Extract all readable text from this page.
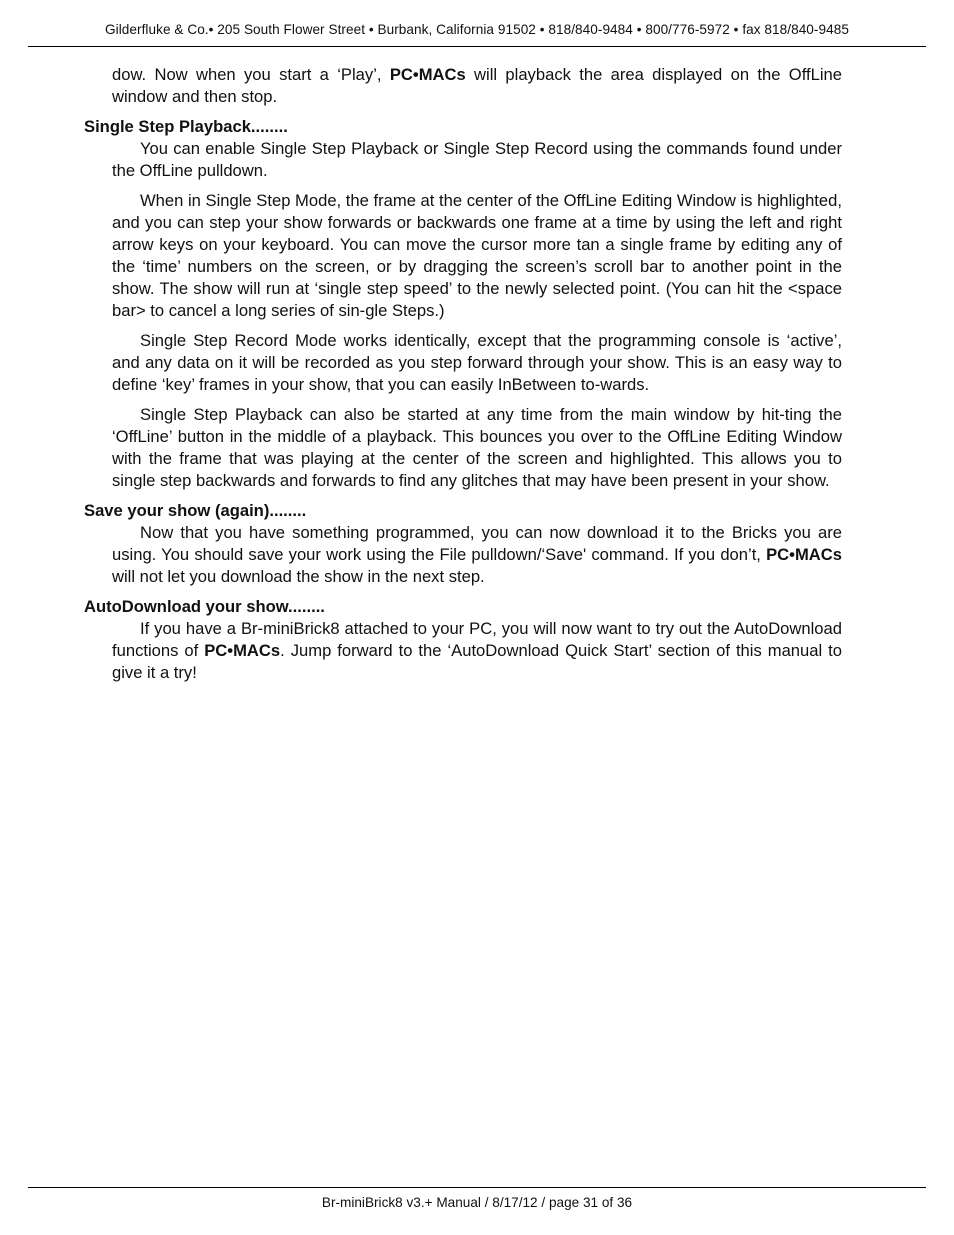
Gilderfluke & Co.• 205 South Flower Street • Burbank, California 91502 • 818/840-9484 • 800/776-5972 • fax 818/840-9485

dow. Now when you start a ‘Play’, PC•MACs will playback the area displayed on the OffLine window and then stop.

Single Step Playback........

You can enable Single Step Playback or Single Step Record using the commands found under the OffLine pulldown.

When in Single Step Mode, the frame at the center of the OffLine Editing Window is highlighted, and you can step your show forwards or backwards one frame at a time by using the left and right arrow keys on your keyboard. You can move the cursor more tan a single frame by editing any of the ‘time’ numbers on the screen, or by dragging the screen’s scroll bar to another point in the show. The show will run at ‘single step speed’ to the newly selected point. (You can hit the <space bar> to cancel a long series of sin-gle Steps.)

Single Step Record Mode works identically, except that the programming console is ‘active’, and any data on it will be recorded as you step forward through your show. This is an easy way to define ‘key’ frames in your show, that you can easily InBetween to-wards.

Single Step Playback can also be started at any time from the main window by hit-ting the ‘OffLine’ button in the middle of a playback. This bounces you over to the OffLine Editing Window with the frame that was playing at the center of the screen and highlighted. This allows you to single step backwards and forwards to find any glitches that may have been present in your show.

Save your show (again)........

Now that you have something programmed, you can now download it to the Bricks you are using. You should save your work using the File pulldown/‘Save' command. If you don’t, PC•MACs will not let you download the show in the next step.

AutoDownload your show........

If you have a Br-miniBrick8 attached to your PC, you will now want to try out the AutoDownload functions of PC•MACs. Jump forward to the ‘AutoDownload Quick Start’ section of this manual to give it a try!

Br-miniBrick8 v3.+ Manual / 8/17/12 / page 31 of 36
